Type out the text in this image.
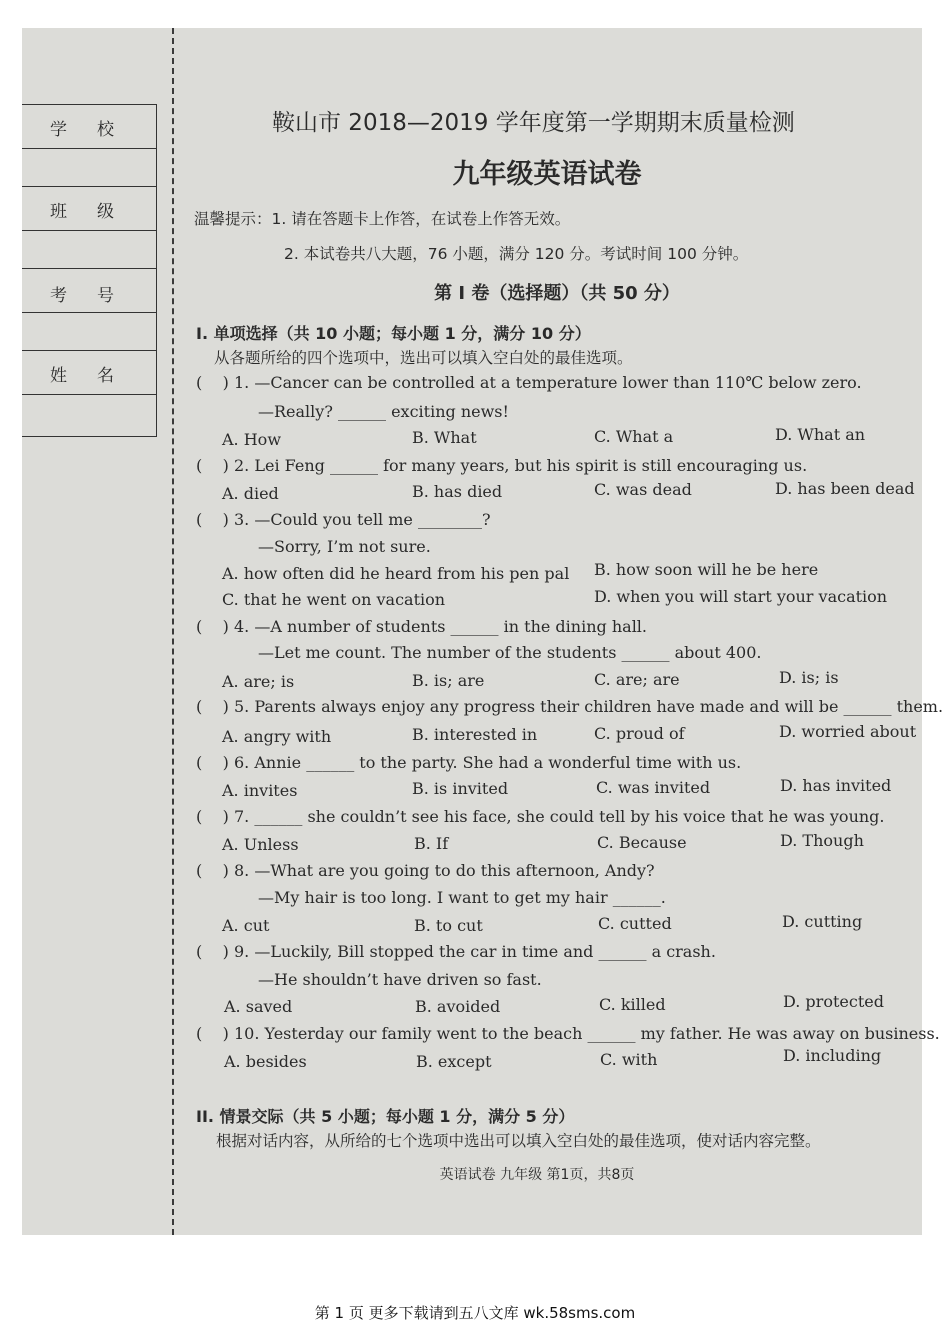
学校
班级
考号
姓名
鞍山市 2018—2019 学年度第一学期期末质量检测
九年级英语试卷
温馨提示：1. 请在答题卡上作答，在试卷上作答无效。
2. 本试卷共八大题，76 小题，满分 120 分。考试时间 100 分钟。
第 I 卷（选择题）（共 50 分）
I. 单项选择（共 10 小题；每小题 1 分，满分 10 分）
从各题所给的四个选项中，选出可以填入空白处的最佳选项。
(    ) 1. —Cancer can be controlled at a temperature lower than 110℃ below zero.
—Really? ______ exciting news!
A. How	B. What	C. What a	D. What an
(    ) 2. Lei Feng ______ for many years, but his spirit is still encouraging us.
A. died	B. has died	C. was dead	D. has been dead
(    ) 3. —Could you tell me ________?
—Sorry, I’m not sure.
A. how often did he heard from his pen pal B. how soon will he be here
C. that he went on vacation	D. when you will start your vacation
(    ) 4. —A number of students ______ in the dining hall.
—Let me count. The number of the students ______ about 400.
A. are; is	B. is; are	C. are; are	D. is; is
(    ) 5. Parents always enjoy any progress their children have made and will be ______ them.
A. angry with	B. interested in	C. proud of	D. worried about
(    ) 6. Annie ______ to the party. She had a wonderful time with us.
A. invites	B. is invited	C. was invited	D. has invited
(    ) 7. ______ she couldn’t see his face, she could tell by his voice that he was young.
A. Unless	B. If	C. Because	D. Though
(    ) 8. —What are you going to do this afternoon, Andy?
—My hair is too long. I want to get my hair ______.
A. cut	B. to cut	C. cutted	D. cutting
(    ) 9. —Luckily, Bill stopped the car in time and ______ a crash.
—He shouldn’t have driven so fast.
A. saved	B. avoided	C. killed	D. protected
(    ) 10. Yesterday our family went to the beach ______ my father. He was away on business.
A. besides	B. except	C. with	D. including
II. 情景交际（共 5 小题；每小题 1 分，满分 5 分）
根据对话内容，从所给的七个选项中选出可以填入空白处的最佳选项，使对话内容完整。
英语试卷 九年级 第1页，共8页
第 1 页 更多下载请到五八文库 wk.58sms.com
